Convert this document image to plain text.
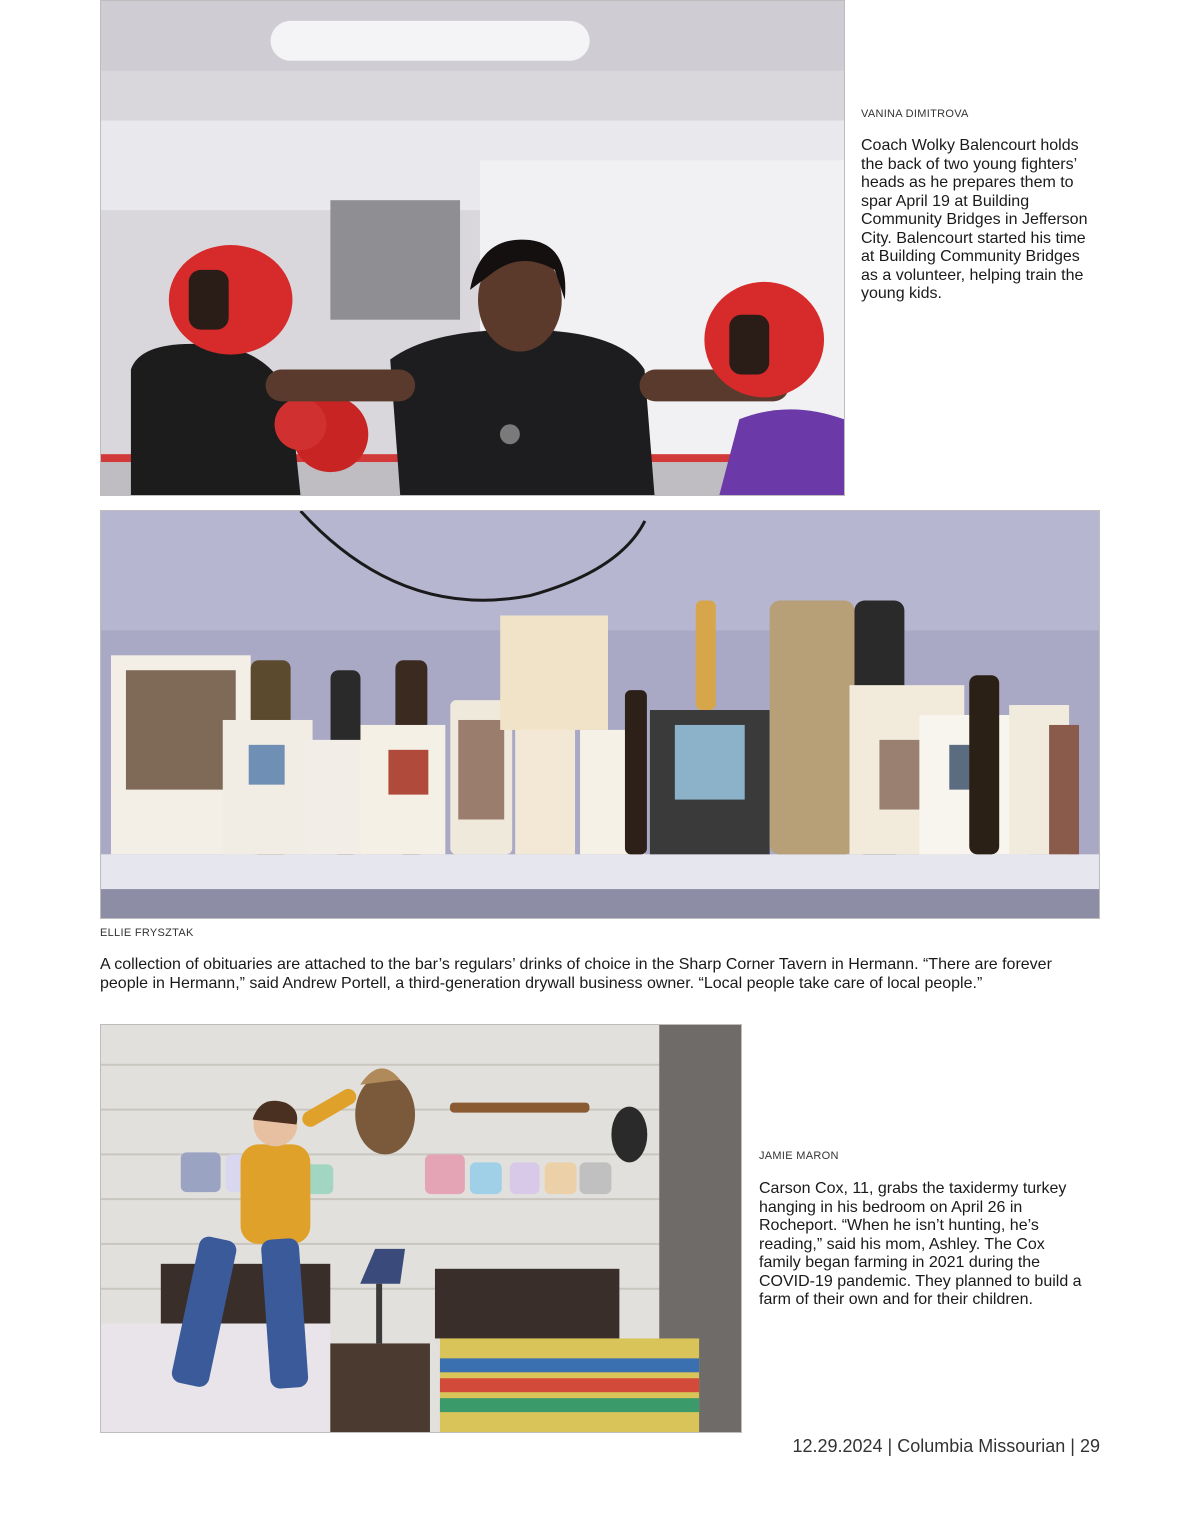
VANINA DIMITROVA
Coach Wolky Balencourt holds the back of two young fighters’ heads as he prepares them to spar April 19 at Building Community Bridges in Jefferson City. Balencourt started his time at Building Community Bridges as a volunteer, helping train the young kids.
ELLIE FRYSZTAK
A collection of obituaries are attached to the bar’s regulars’ drinks of choice in the Sharp Corner Tavern in Hermann. “There are forever people in Hermann,” said Andrew Portell, a third-generation drywall business owner. “Local people take care of local people.”
JAMIE MARON
Carson Cox, 11, grabs the taxidermy turkey hanging in his bedroom on April 26 in Rocheport. “When he isn’t hunting, he’s reading,” said his mom, Ashley. The Cox family began farming in 2021 during the COVID-19 pandemic. They planned to build a farm of their own and for their children.
12.29.2024 | Columbia Missourian | 29
